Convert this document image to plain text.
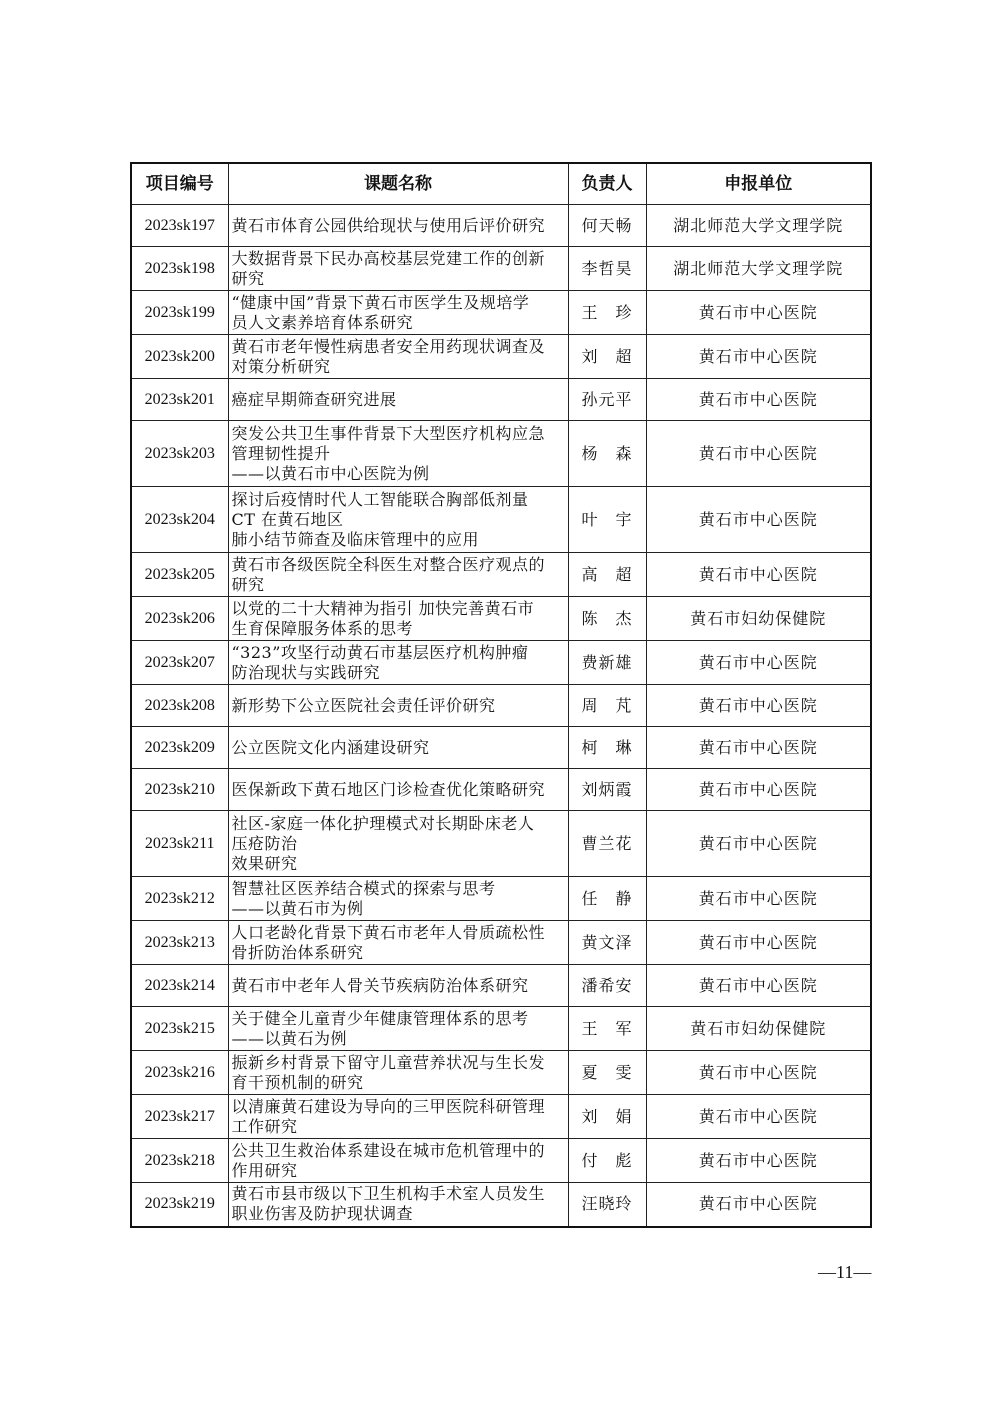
项目编号	课题名称	负责人	申报单位
2023sk197	黄石市体育公园供给现状与使用后评价研究	何天畅	湖北师范大学文理学院
2023sk198	大数据背景下民办高校基层党建工作的创新
研究	李哲昊	湖北师范大学文理学院
2023sk199	“健康中国”背景下黄石市医学生及规培学
员人文素养培育体系研究	王　珍	黄石市中心医院
2023sk200	黄石市老年慢性病患者安全用药现状调查及
对策分析研究	刘　超	黄石市中心医院
2023sk201	癌症早期筛查研究进展	孙元平	黄石市中心医院
2023sk203	突发公共卫生事件背景下大型医疗机构应急
管理韧性提升
——以黄石市中心医院为例	杨　森	黄石市中心医院
2023sk204	探讨后疫情时代人工智能联合胸部低剂量
CT 在黄石地区
肺小结节筛查及临床管理中的应用	叶　宇	黄石市中心医院
2023sk205	黄石市各级医院全科医生对整合医疗观点的
研究	高　超	黄石市中心医院
2023sk206	以党的二十大精神为指引 加快完善黄石市
生育保障服务体系的思考	陈　杰	黄石市妇幼保健院
2023sk207	“323”攻坚行动黄石市基层医疗机构肿瘤
防治现状与实践研究	费新雄	黄石市中心医院
2023sk208	新形势下公立医院社会责任评价研究	周　芃	黄石市中心医院
2023sk209	公立医院文化内涵建设研究	柯　琳	黄石市中心医院
2023sk210	医保新政下黄石地区门诊检查优化策略研究	刘炳霞	黄石市中心医院
2023sk211	社区-家庭一体化护理模式对长期卧床老人
压疮防治
效果研究	曹兰花	黄石市中心医院
2023sk212	智慧社区医养结合模式的探索与思考
——以黄石市为例	任　静	黄石市中心医院
2023sk213	人口老龄化背景下黄石市老年人骨质疏松性
骨折防治体系研究	黄文泽	黄石市中心医院
2023sk214	黄石市中老年人骨关节疾病防治体系研究	潘希安	黄石市中心医院
2023sk215	关于健全儿童青少年健康管理体系的思考
——以黄石为例	王　军	黄石市妇幼保健院
2023sk216	振新乡村背景下留守儿童营养状况与生长发
育干预机制的研究	夏　雯	黄石市中心医院
2023sk217	以清廉黄石建设为导向的三甲医院科研管理
工作研究	刘　娟	黄石市中心医院
2023sk218	公共卫生救治体系建设在城市危机管理中的
作用研究	付　彪	黄石市中心医院
2023sk219	黄石市县市级以下卫生机构手术室人员发生
职业伤害及防护现状调查	汪晓玲	黄石市中心医院
—11—
